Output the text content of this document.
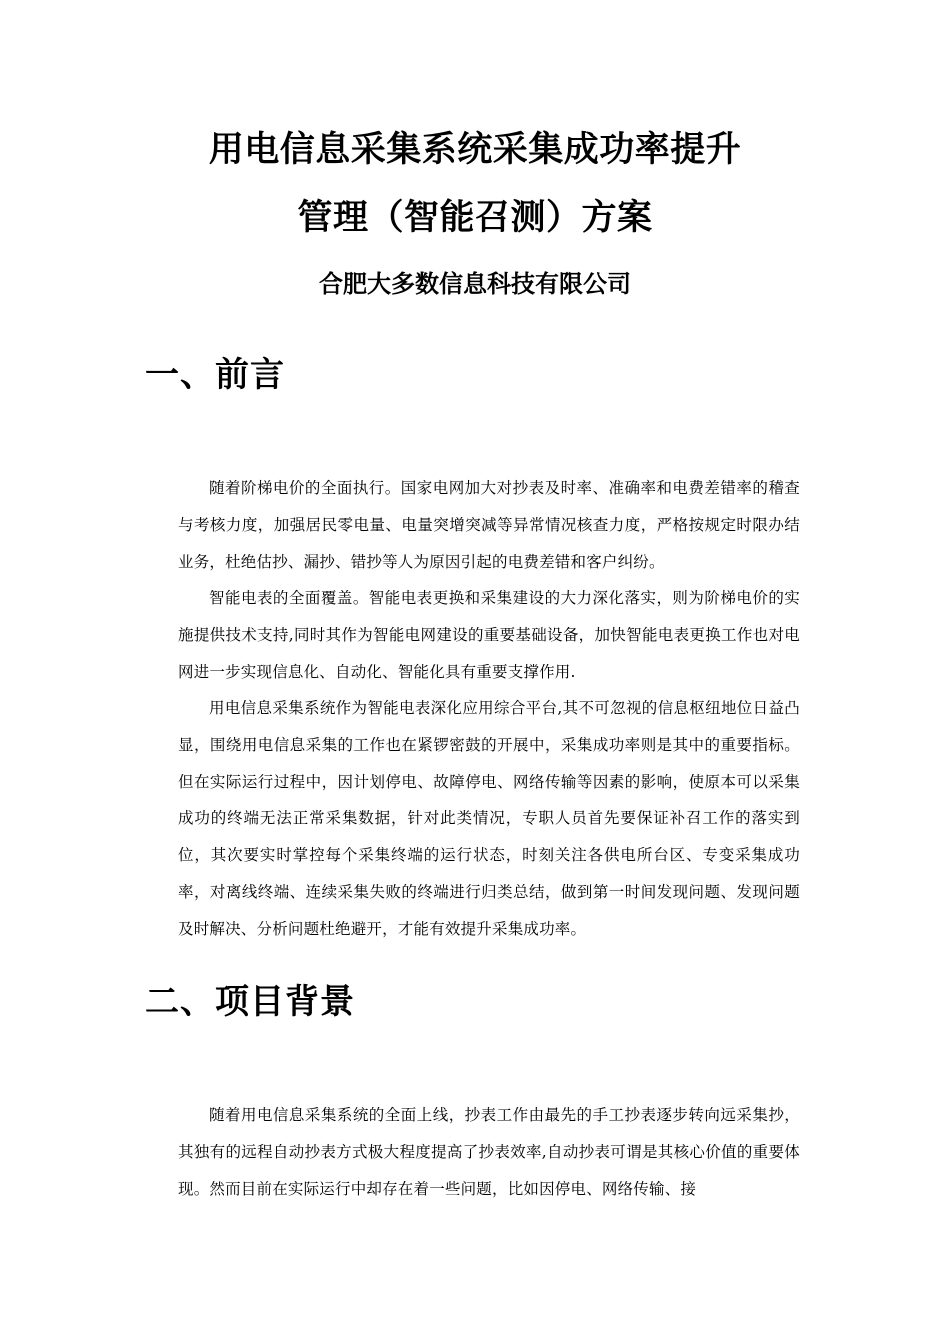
用电信息采集系统采集成功率提升
管理（智能召测）方案

合肥大多数信息科技有限公司

一、前言

随着阶梯电价的全面执行。国家电网加大对抄表及时率、准确率和电费差错率的稽查与考核力度，加强居民零电量、电量突增突减等异常情况核查力度，严格按规定时限办结业务，杜绝估抄、漏抄、错抄等人为原因引起的电费差错和客户纠纷。

智能电表的全面覆盖。智能电表更换和采集建设的大力深化落实，则为阶梯电价的实施提供技术支持,同时其作为智能电网建设的重要基础设备，加快智能电表更换工作也对电网进一步实现信息化、自动化、智能化具有重要支撑作用.

用电信息采集系统作为智能电表深化应用综合平台,其不可忽视的信息枢纽地位日益凸显，围绕用电信息采集的工作也在紧锣密鼓的开展中，采集成功率则是其中的重要指标。但在实际运行过程中，因计划停电、故障停电、网络传输等因素的影响，使原本可以采集成功的终端无法正常采集数据，针对此类情况，专职人员首先要保证补召工作的落实到位，其次要实时掌控每个采集终端的运行状态，时刻关注各供电所台区、专变采集成功率，对离线终端、连续采集失败的终端进行归类总结，做到第一时间发现问题、发现问题及时解决、分析问题杜绝避开，才能有效提升采集成功率。

二、项目背景

随着用电信息采集系统的全面上线，抄表工作由最先的手工抄表逐步转向远采集抄，其独有的远程自动抄表方式极大程度提高了抄表效率,自动抄表可谓是其核心价值的重要体现。然而目前在实际运行中却存在着一些问题，比如因停电、网络传输、接
